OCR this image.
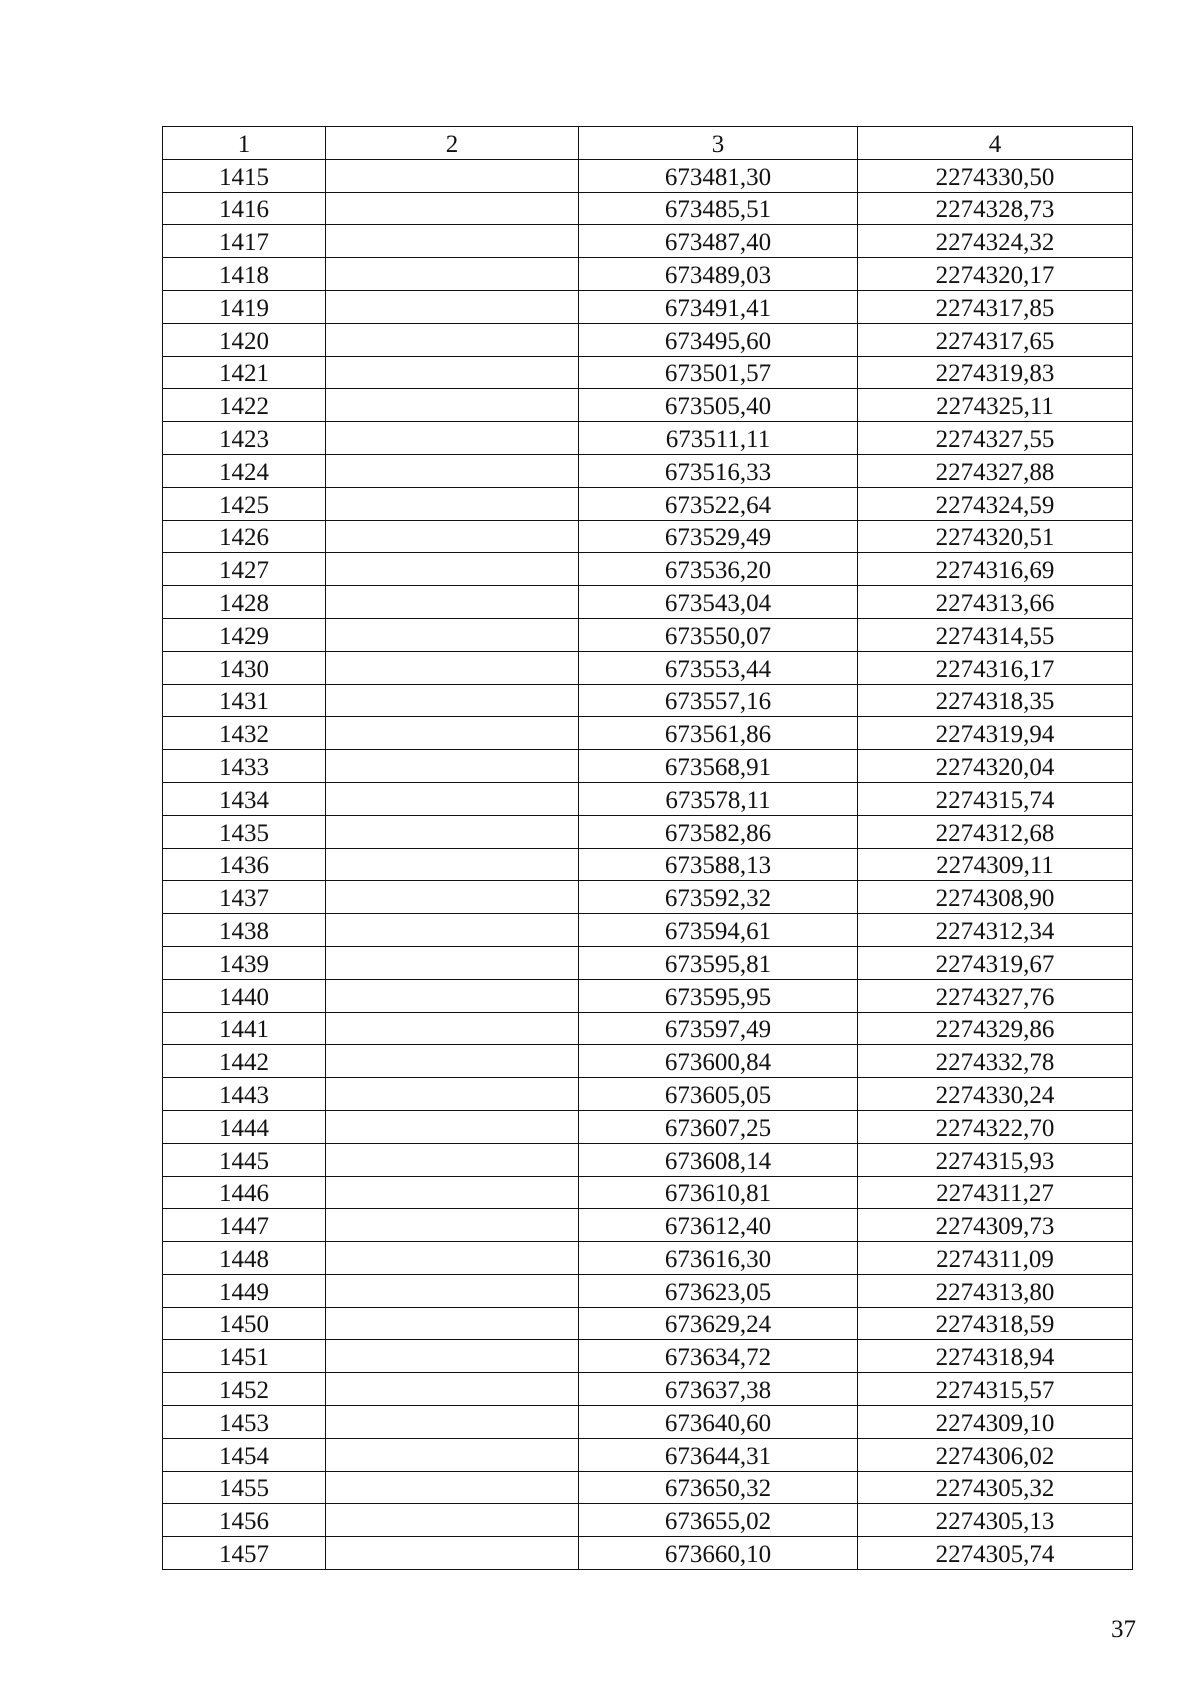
1	2	3	4
1415		673481,30	2274330,50
1416		673485,51	2274328,73
1417		673487,40	2274324,32
1418		673489,03	2274320,17
1419		673491,41	2274317,85
1420		673495,60	2274317,65
1421		673501,57	2274319,83
1422		673505,40	2274325,11
1423		673511,11	2274327,55
1424		673516,33	2274327,88
1425		673522,64	2274324,59
1426		673529,49	2274320,51
1427		673536,20	2274316,69
1428		673543,04	2274313,66
1429		673550,07	2274314,55
1430		673553,44	2274316,17
1431		673557,16	2274318,35
1432		673561,86	2274319,94
1433		673568,91	2274320,04
1434		673578,11	2274315,74
1435		673582,86	2274312,68
1436		673588,13	2274309,11
1437		673592,32	2274308,90
1438		673594,61	2274312,34
1439		673595,81	2274319,67
1440		673595,95	2274327,76
1441		673597,49	2274329,86
1442		673600,84	2274332,78
1443		673605,05	2274330,24
1444		673607,25	2274322,70
1445		673608,14	2274315,93
1446		673610,81	2274311,27
1447		673612,40	2274309,73
1448		673616,30	2274311,09
1449		673623,05	2274313,80
1450		673629,24	2274318,59
1451		673634,72	2274318,94
1452		673637,38	2274315,57
1453		673640,60	2274309,10
1454		673644,31	2274306,02
1455		673650,32	2274305,32
1456		673655,02	2274305,13
1457		673660,10	2274305,74
37
